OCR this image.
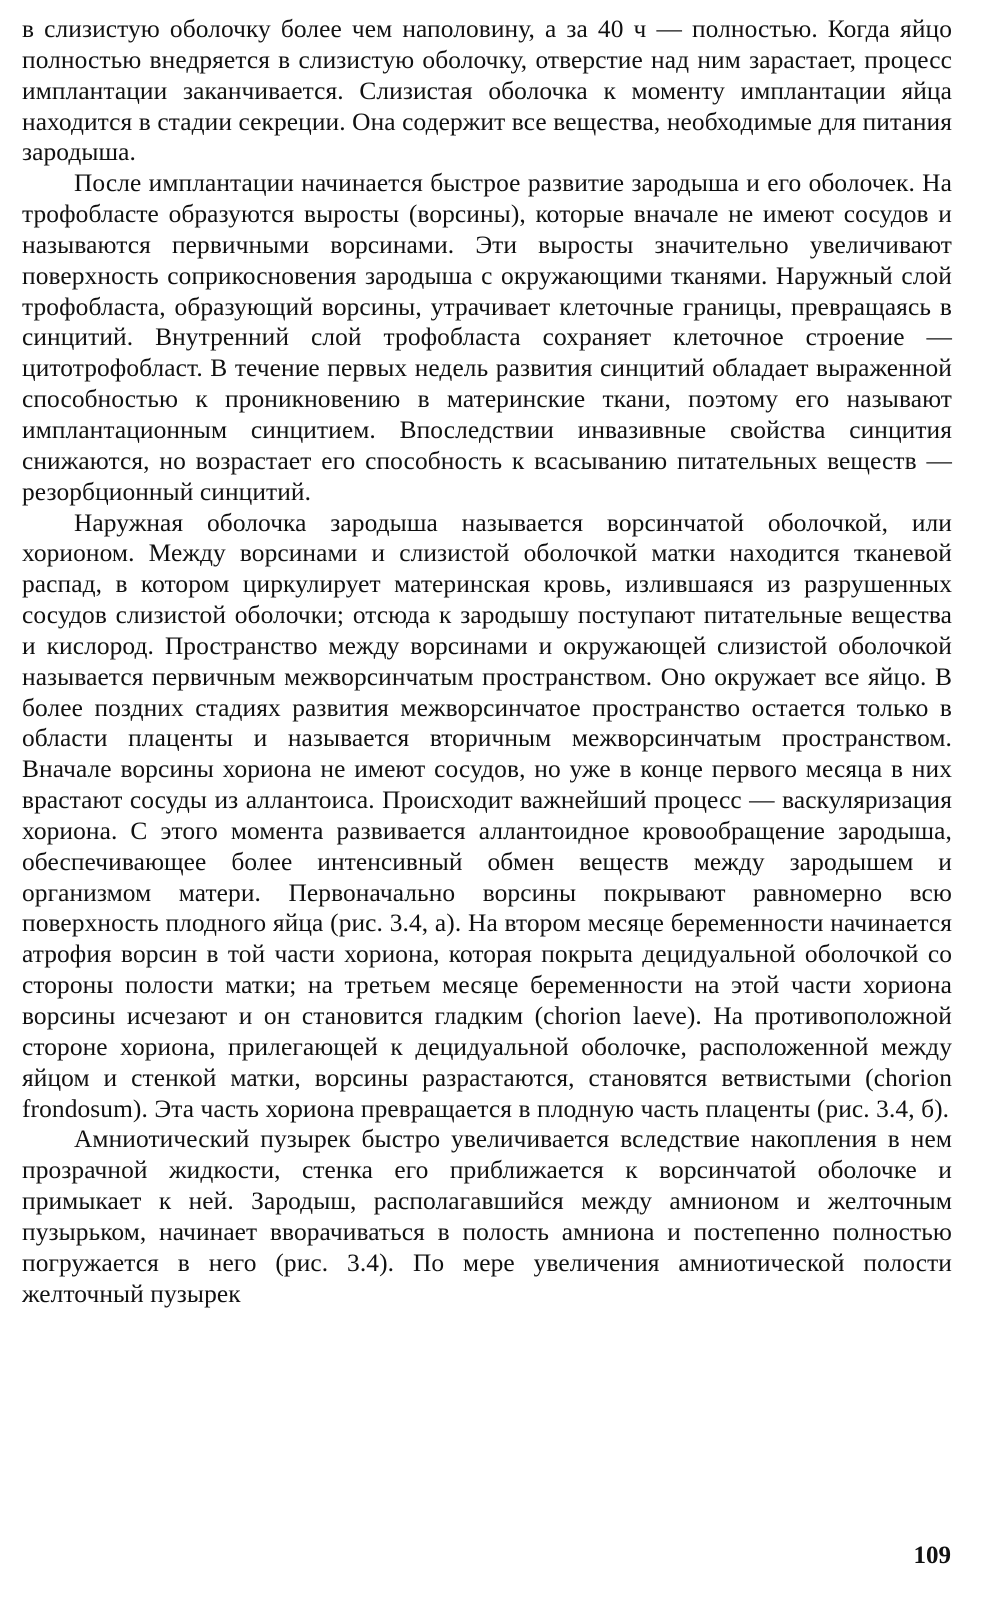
в слизистую оболочку более чем наполовину, а за 40 ч — полностью. Когда яйцо полностью внедряется в слизистую оболочку, отверстие над ним зарастает, процесс имплантации заканчивается. Слизистая оболочка к моменту имплантации яйца находится в стадии секреции. Она содержит все вещества, необходимые для питания зародыша.

После имплантации начинается быстрое развитие зародыша и его оболочек. На трофобласте образуются выросты (ворсины), которые вначале не имеют сосудов и называются первичными ворсинами. Эти выросты значительно увеличивают поверхность соприкосновения зародыша с окружающими тканями. Наружный слой трофобласта, образующий ворсины, утрачивает клеточные границы, превращаясь в синцитий. Внутренний слой трофобласта сохраняет клеточное строение — цитотрофобласт. В течение первых недель развития синцитий обладает выраженной способностью к проникновению в материнские ткани, поэтому его называют имплантационным синцитием. Впоследствии инвазивные свойства синцития снижаются, но возрастает его способность к всасыванию питательных веществ — резорбционный синцитий.

Наружная оболочка зародыша называется ворсинчатой оболочкой, или хорионом. Между ворсинами и слизистой оболочкой матки находится тканевой распад, в котором циркулирует материнская кровь, излившаяся из разрушенных сосудов слизистой оболочки; отсюда к зародышу поступают питательные вещества и кислород. Пространство между ворсинами и окружающей слизистой оболочкой называется первичным межворсинчатым пространством. Оно окружает все яйцо. В более поздних стадиях развития межворсинчатое пространство остается только в области плаценты и называется вторичным межворсинчатым пространством. Вначале ворсины хориона не имеют сосудов, но уже в конце первого месяца в них врастают сосуды из аллантоиса. Происходит важнейший процесс — васкуляризация хориона. С этого момента развивается аллантоидное кровообращение зародыша, обеспечивающее более интенсивный обмен веществ между зародышем и организмом матери. Первоначально ворсины покрывают равномерно всю поверхность плодного яйца (рис. 3.4, а). На втором месяце беременности начинается атрофия ворсин в той части хориона, которая покрыта децидуальной оболочкой со стороны полости матки; на третьем месяце беременности на этой части хориона ворсины исчезают и он становится гладким (chorion laeve). На противоположной стороне хориона, прилегающей к децидуальной оболочке, расположенной между яйцом и стенкой матки, ворсины разрастаются, становятся ветвистыми (chorion frondosum). Эта часть хориона превращается в плодную часть плаценты (рис. 3.4, б).

Амниотический пузырек быстро увеличивается вследствие накопления в нем прозрачной жидкости, стенка его приближается к ворсинчатой оболочке и примыкает к ней. Зародыш, располагавшийся между амнионом и желточным пузырьком, начинает вворачиваться в полость амниона и постепенно полностью погружается в него (рис. 3.4). По мере увеличения амниотической полости желточный пузырек

109
